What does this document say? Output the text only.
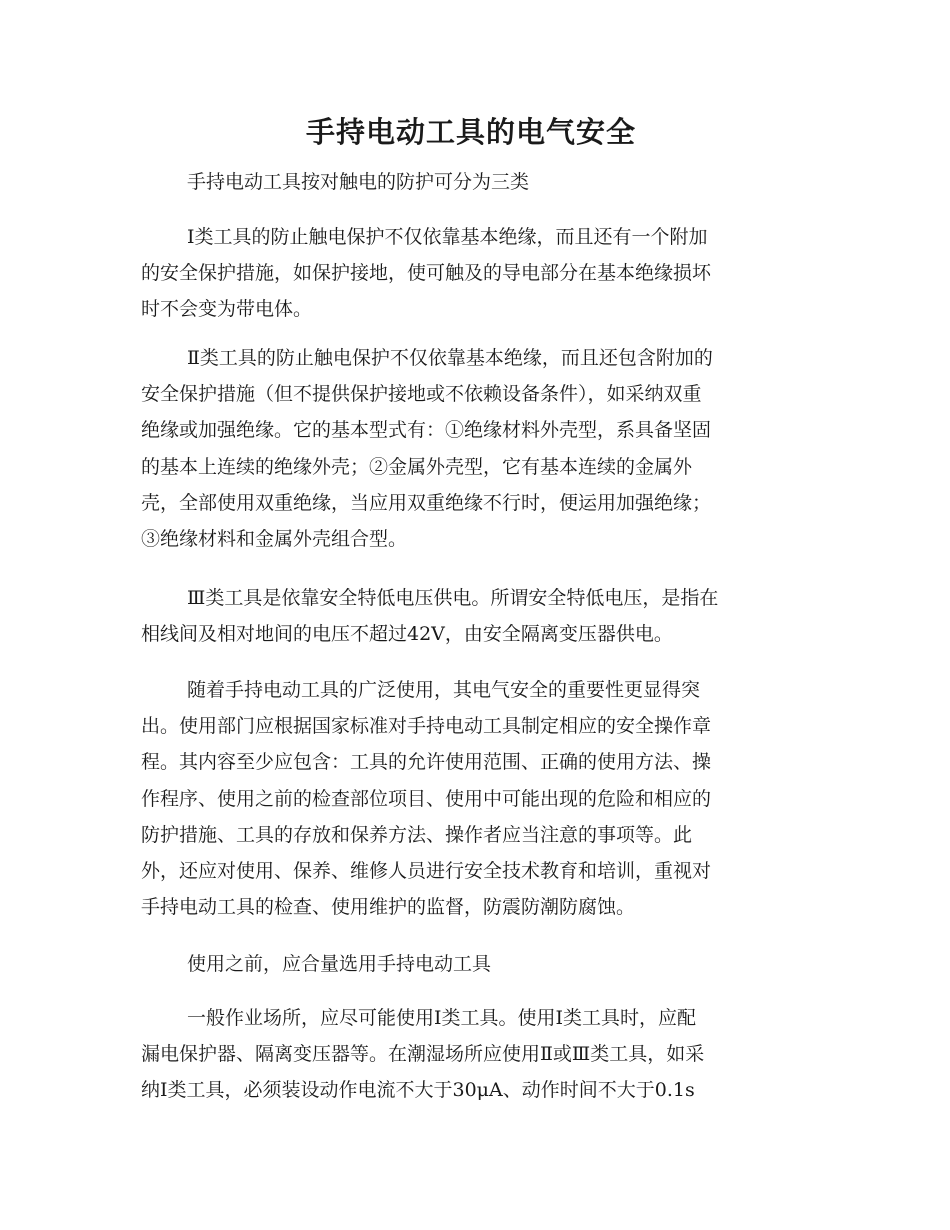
手持电动工具的电气安全
手持电动工具按对触电的防护可分为三类
Ⅰ类工具的防止触电保护不仅依靠基本绝缘，而且还有一个附加
的安全保护措施，如保护接地，使可触及的导电部分在基本绝缘损坏
时不会变为带电体。
Ⅱ类工具的防止触电保护不仅依靠基本绝缘，而且还包含附加的
安全保护措施（但不提供保护接地或不依赖设备条件），如采纳双重
绝缘或加强绝缘。它的基本型式有：①绝缘材料外壳型，系具备坚固
的基本上连续的绝缘外壳；②金属外壳型，它有基本连续的金属外
壳，全部使用双重绝缘，当应用双重绝缘不行时，便运用加强绝缘；
③绝缘材料和金属外壳组合型。
Ⅲ类工具是依靠安全特低电压供电。所谓安全特低电压，是指在
相线间及相对地间的电压不超过42V，由安全隔离变压器供电。
随着手持电动工具的广泛使用，其电气安全的重要性更显得突
出。使用部门应根据国家标准对手持电动工具制定相应的安全操作章
程。其内容至少应包含：工具的允许使用范围、正确的使用方法、操
作程序、使用之前的检查部位项目、使用中可能出现的危险和相应的
防护措施、工具的存放和保养方法、操作者应当注意的事项等。此
外，还应对使用、保养、维修人员进行安全技术教育和培训，重视对
手持电动工具的检查、使用维护的监督，防震防潮防腐蚀。
使用之前，应合量选用手持电动工具
一般作业场所，应尽可能使用Ⅰ类工具。使用Ⅰ类工具时，应配
漏电保护器、隔离变压器等。在潮湿场所应使用Ⅱ或Ⅲ类工具，如采
纳Ⅰ类工具，必须装设动作电流不大于30μA、动作时间不大于0.1s
